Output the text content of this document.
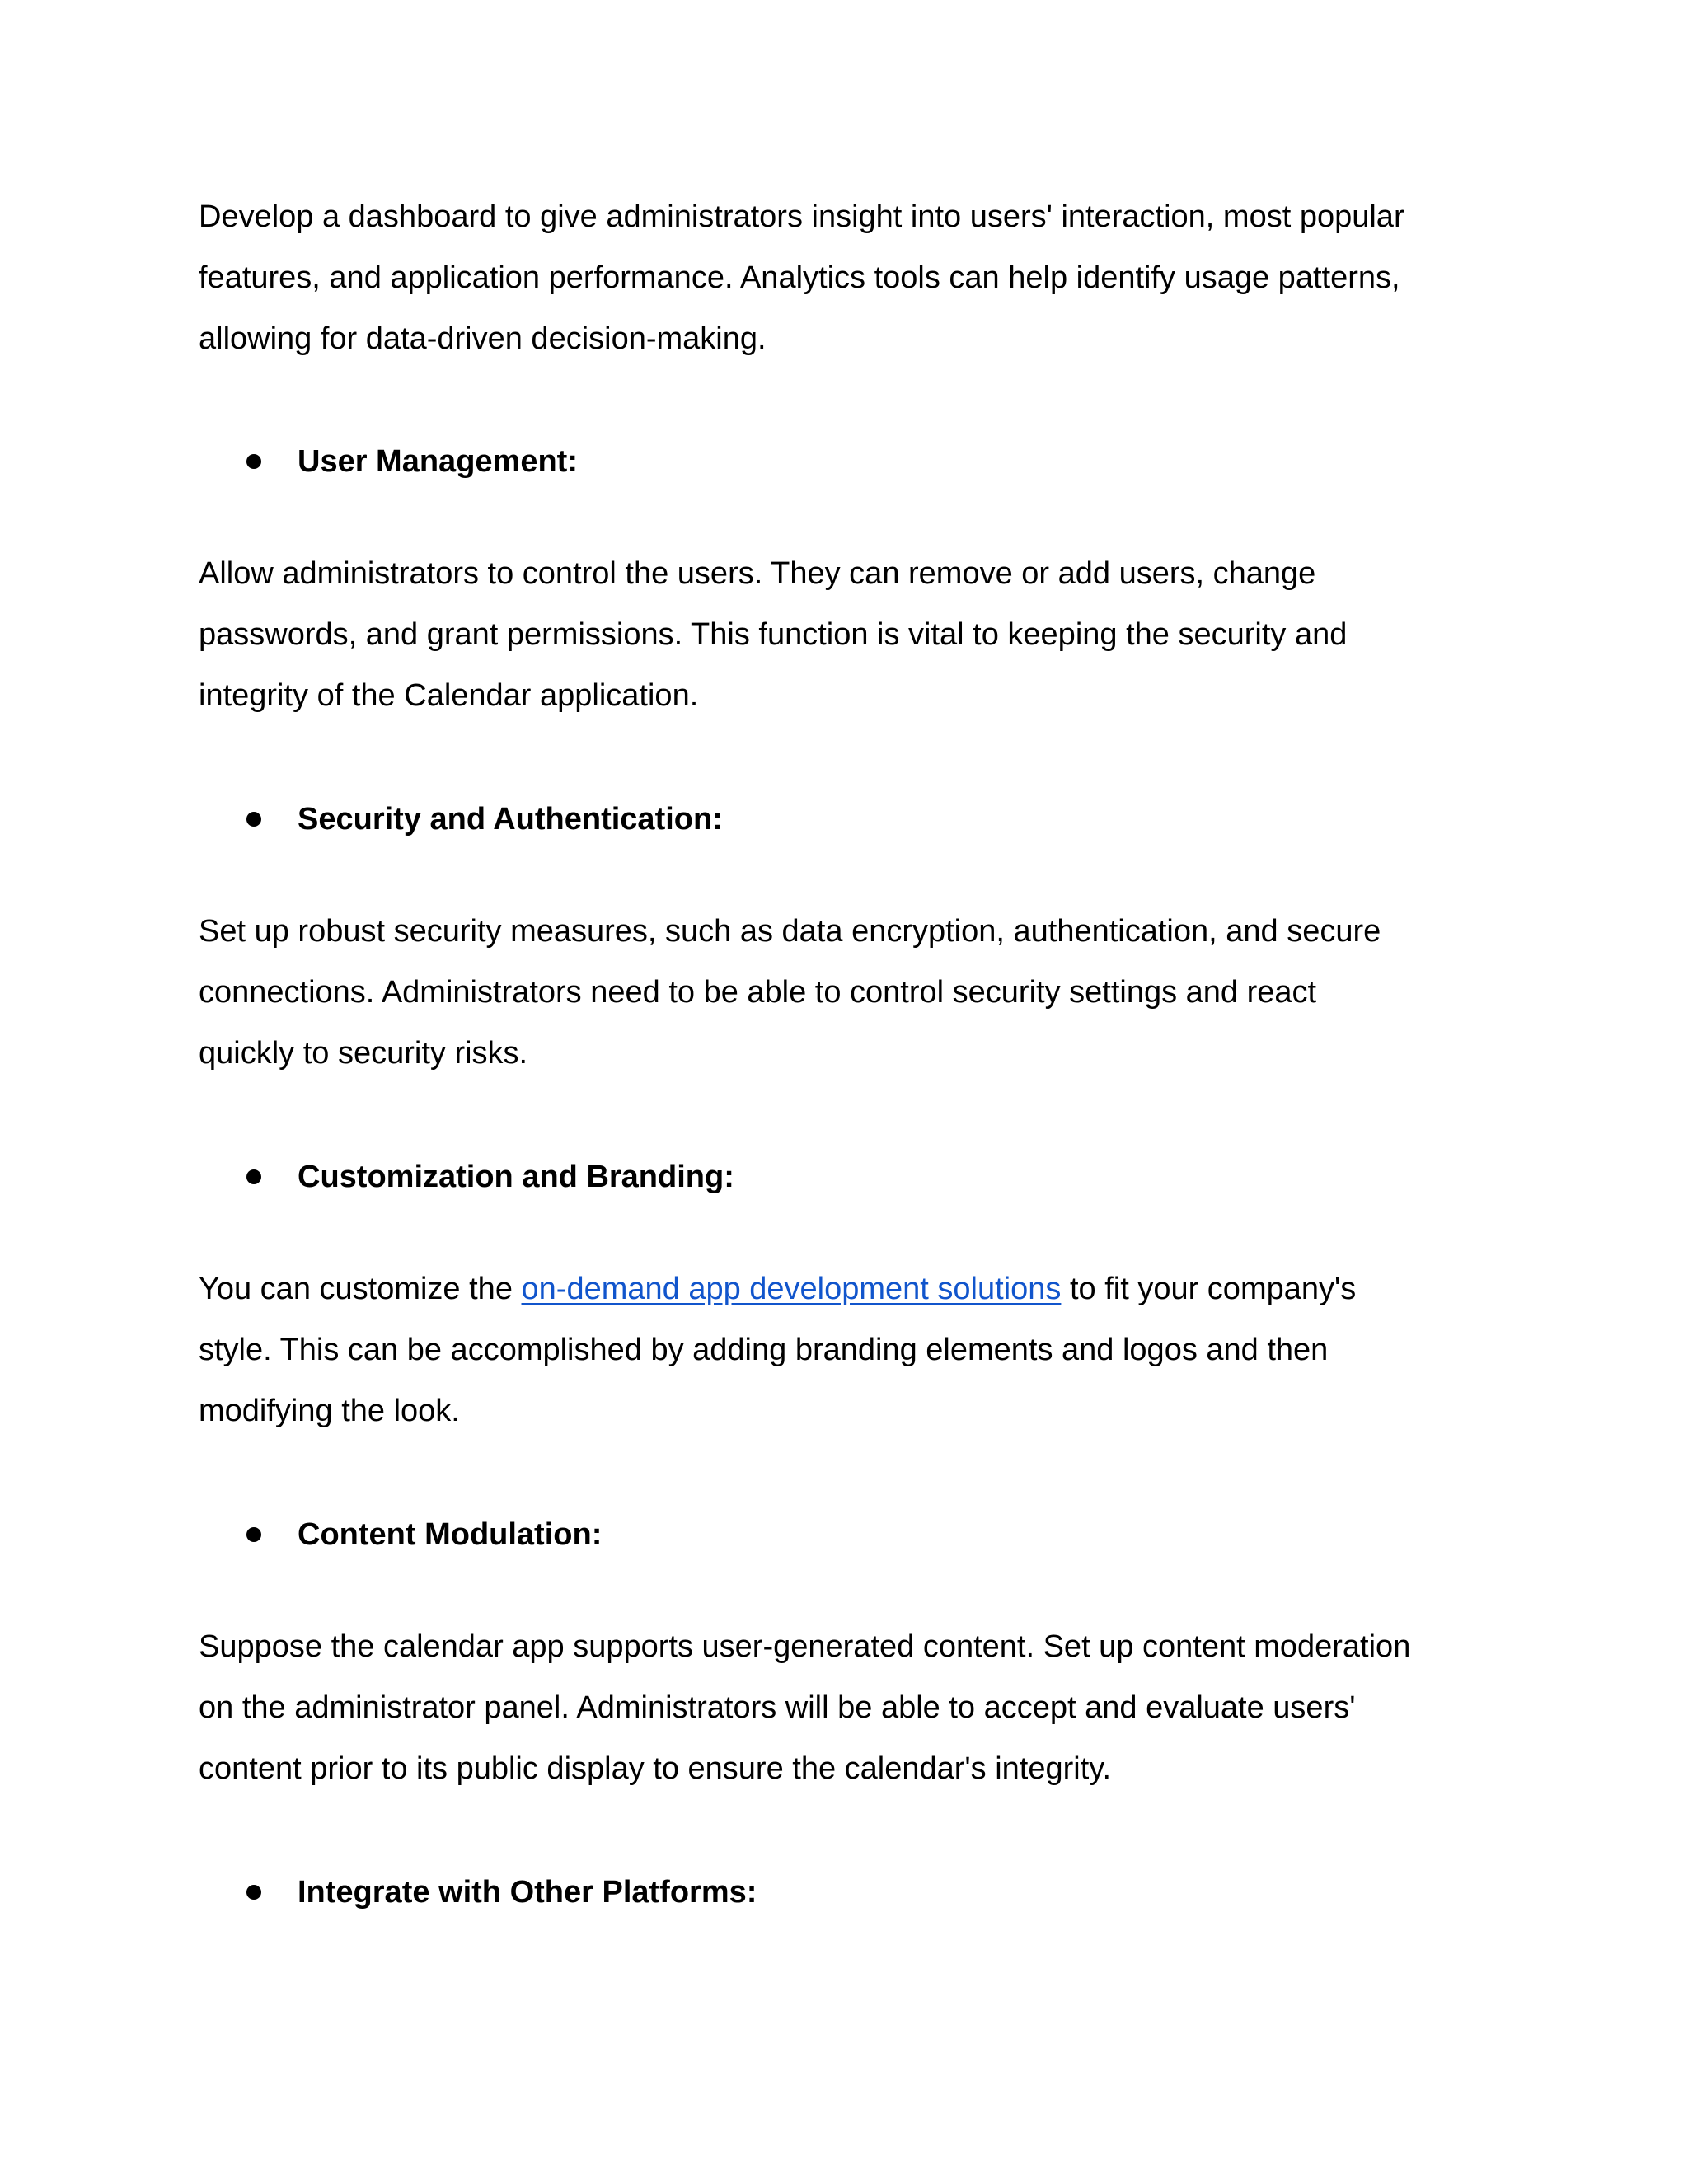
Develop a dashboard to give administrators insight into users' interaction, most popular
features, and application performance. Analytics tools can help identify usage patterns,
allowing for data-driven decision-making.

User Management:

Allow administrators to control the users. They can remove or add users, change
passwords, and grant permissions. This function is vital to keeping the security and
integrity of the Calendar application.

Security and Authentication:

Set up robust security measures, such as data encryption, authentication, and secure
connections. Administrators need to be able to control security settings and react
quickly to security risks.

Customization and Branding:

You can customize the on-demand app development solutions to fit your company's
style. This can be accomplished by adding branding elements and logos and then
modifying the look.

Content Modulation:

Suppose the calendar app supports user-generated content. Set up content moderation
on the administrator panel. Administrators will be able to accept and evaluate users'
content prior to its public display to ensure the calendar's integrity.

Integrate with Other Platforms:
